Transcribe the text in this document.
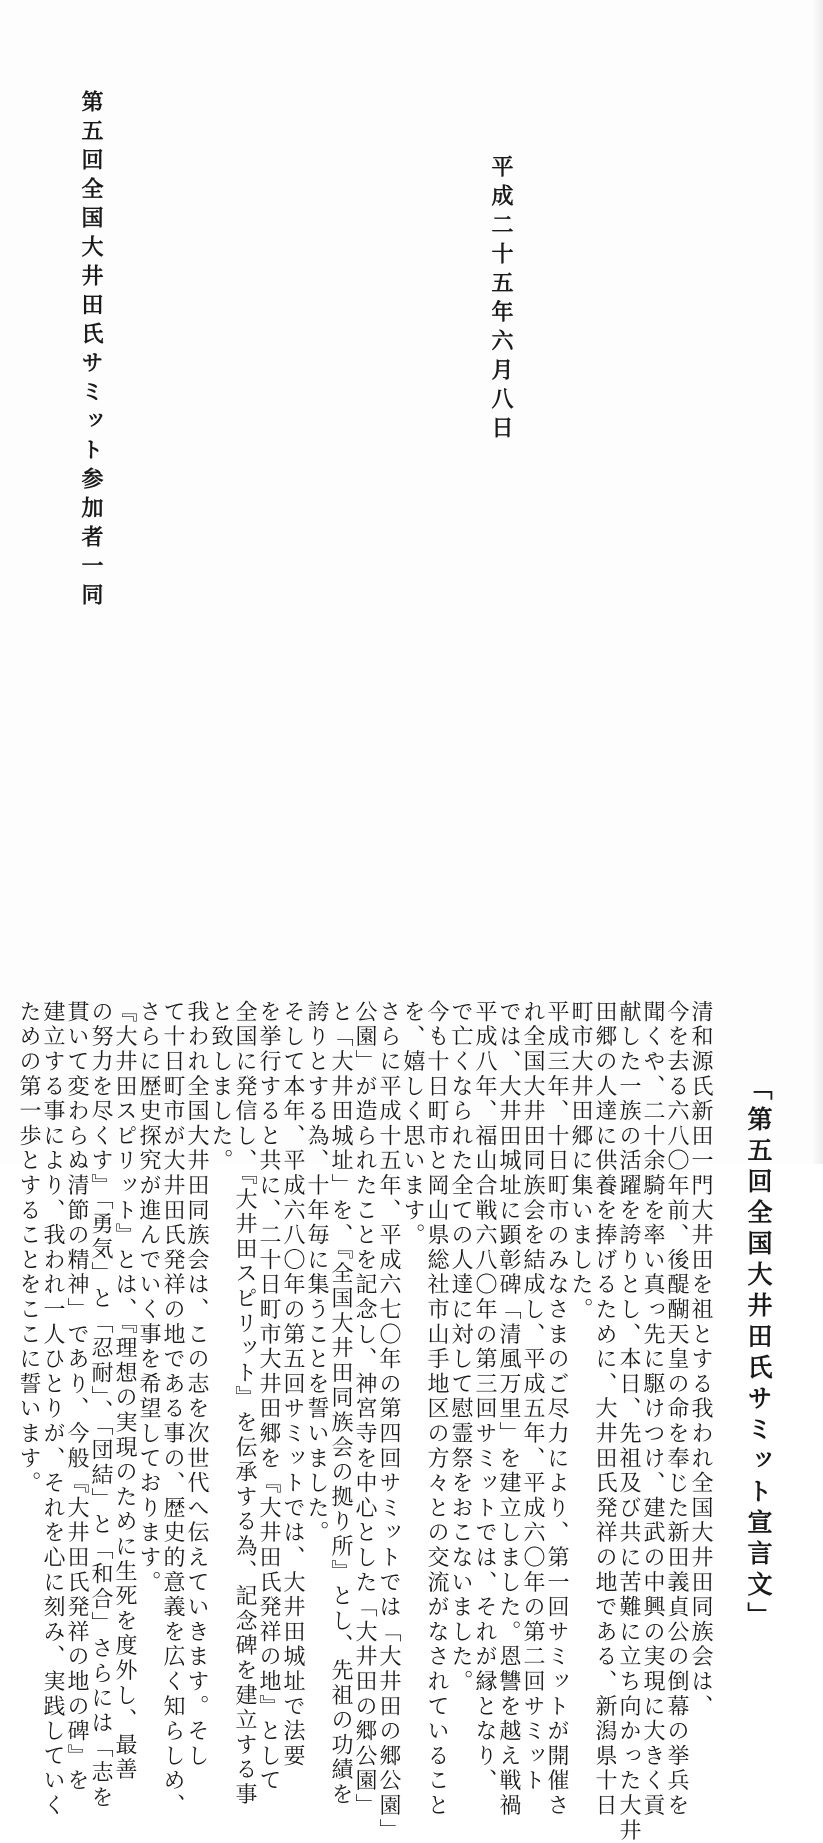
「第五回全国大井田氏サミット宣言文」

清和源氏新田一門大井田を祖とする我われ全国大井田同族会は、

今を去る六八〇年前、後醍醐天皇の命を奉じた新田義貞公の倒幕の挙兵を

聞くや、二十余騎を率い真っ先に駆けつけ、建武の中興の実現に大きく貢

献した一族の活躍を誇りとし、本日、先祖及び共に苦難に立ち向かった大井

田郷の人達に供養を捧げるために、大井田氏発祥の地である、新潟県十日

町市大井田郷に集いました。

平成三年、十日町市のみなさまのご尽力により、第一回サミットが開催さ

れ全国大井田同族会を結成し、平成五年、平成六〇年の第二回サミット

では、大井田城址に顕彰碑「清風万里」を建立しました。恩讐を越え戦禍

平成八年、福山合戦六八〇年の第三回サミットでは、それが縁となり、

で亡くなられた全ての人達に対して慰霊祭をおこないました。

今も十日町市と岡山県総社市山手地区の方々との交流がなされていること

を、嬉しく思います。

さらに平成十五年、平成六七〇年の第四回サミットでは「大井田の郷公園」

公園」が造られたことを記念し、神宮寺を中心とした「大井田の郷公園」

と「大井田城址」を、『全国大井田同族会の拠り所』とし、先祖の功績を

誇りとする為、十年毎に集うことを誓いました。

そして本年、平成六八〇年の第五回サミットでは、大井田城址で法要

を挙行すると共に、二十日町市大井田郷を『大井田氏発祥の地』として

全国に発信し、『大井田スピリット』を伝承する為、記念碑を建立する事

と致しました。

我われ全国大井田同族会は、この志を次世代へ伝えていきます。そし

て十日町市が大井田氏発祥の地である事の、歴史的意義を広く知らしめ、

さらに歴史探究が進んでいく事を希望しております。

『大井田スピリット』とは、『理想の実現のために生死を度外し、最善

の努力を尽くす』「勇気」と「忍耐」、「団結」と「和合」さらには「志を

貫いて変わらぬ清節の精神」であり、今般『大井田氏発祥の地の碑』を

建立する事により、我われ一人ひとりが、それを心に刻み、実践していく

ための第一歩とすることをここに誓います。

平成二十五年六月八日

第五回全国大井田氏サミット参加者一同
